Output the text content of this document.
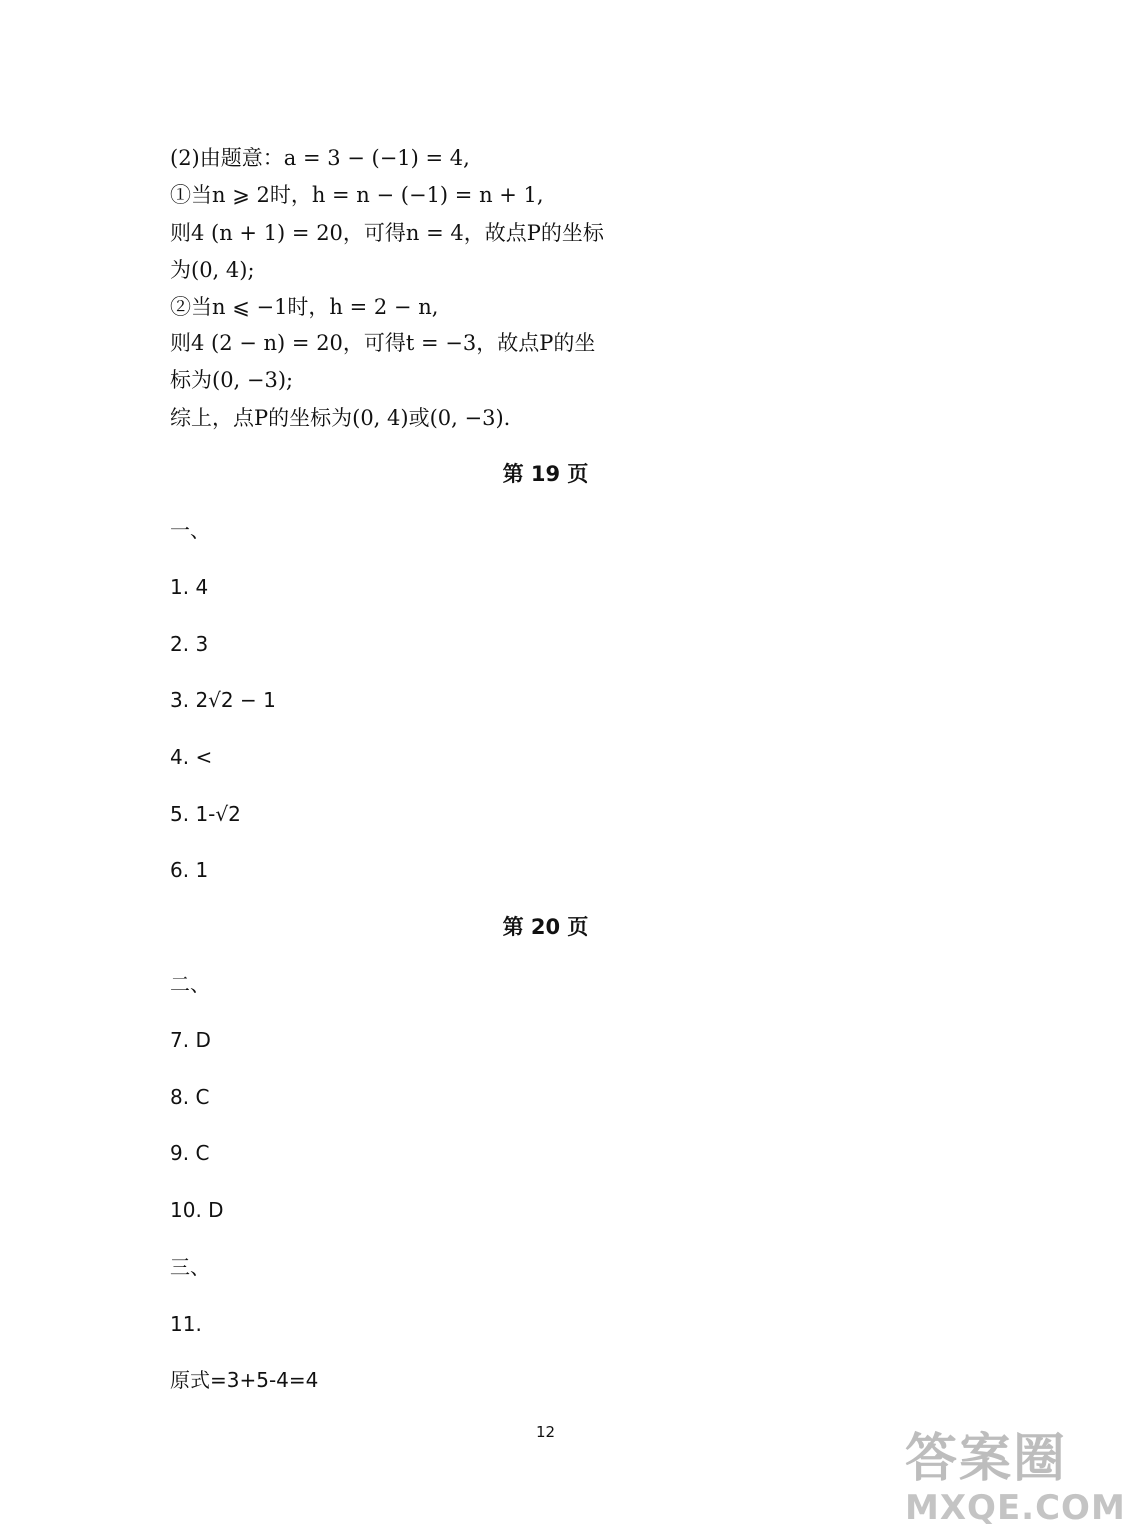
(2)由题意：a = 3 − (−1) = 4,
①当n ⩾ 2时，h = n − (−1) = n + 1,
则4 (n + 1) = 20，可得n = 4，故点P的坐标
为(0, 4);
②当n ⩽ −1时，h = 2 − n,
则4 (2 − n) = 20，可得t = −3，故点P的坐
标为(0, −3);
综上，点P的坐标为(0, 4)或(0, −3).
第 19 页
一、
1. 4
2. 3
3. 2√2 − 1
4. <
5. 1-√2
6. 1
第 20 页
二、
7. D
8. C
9. C
10. D
三、
11.
原式=3+5-4=4
12	答案圈
MXQE.COM
